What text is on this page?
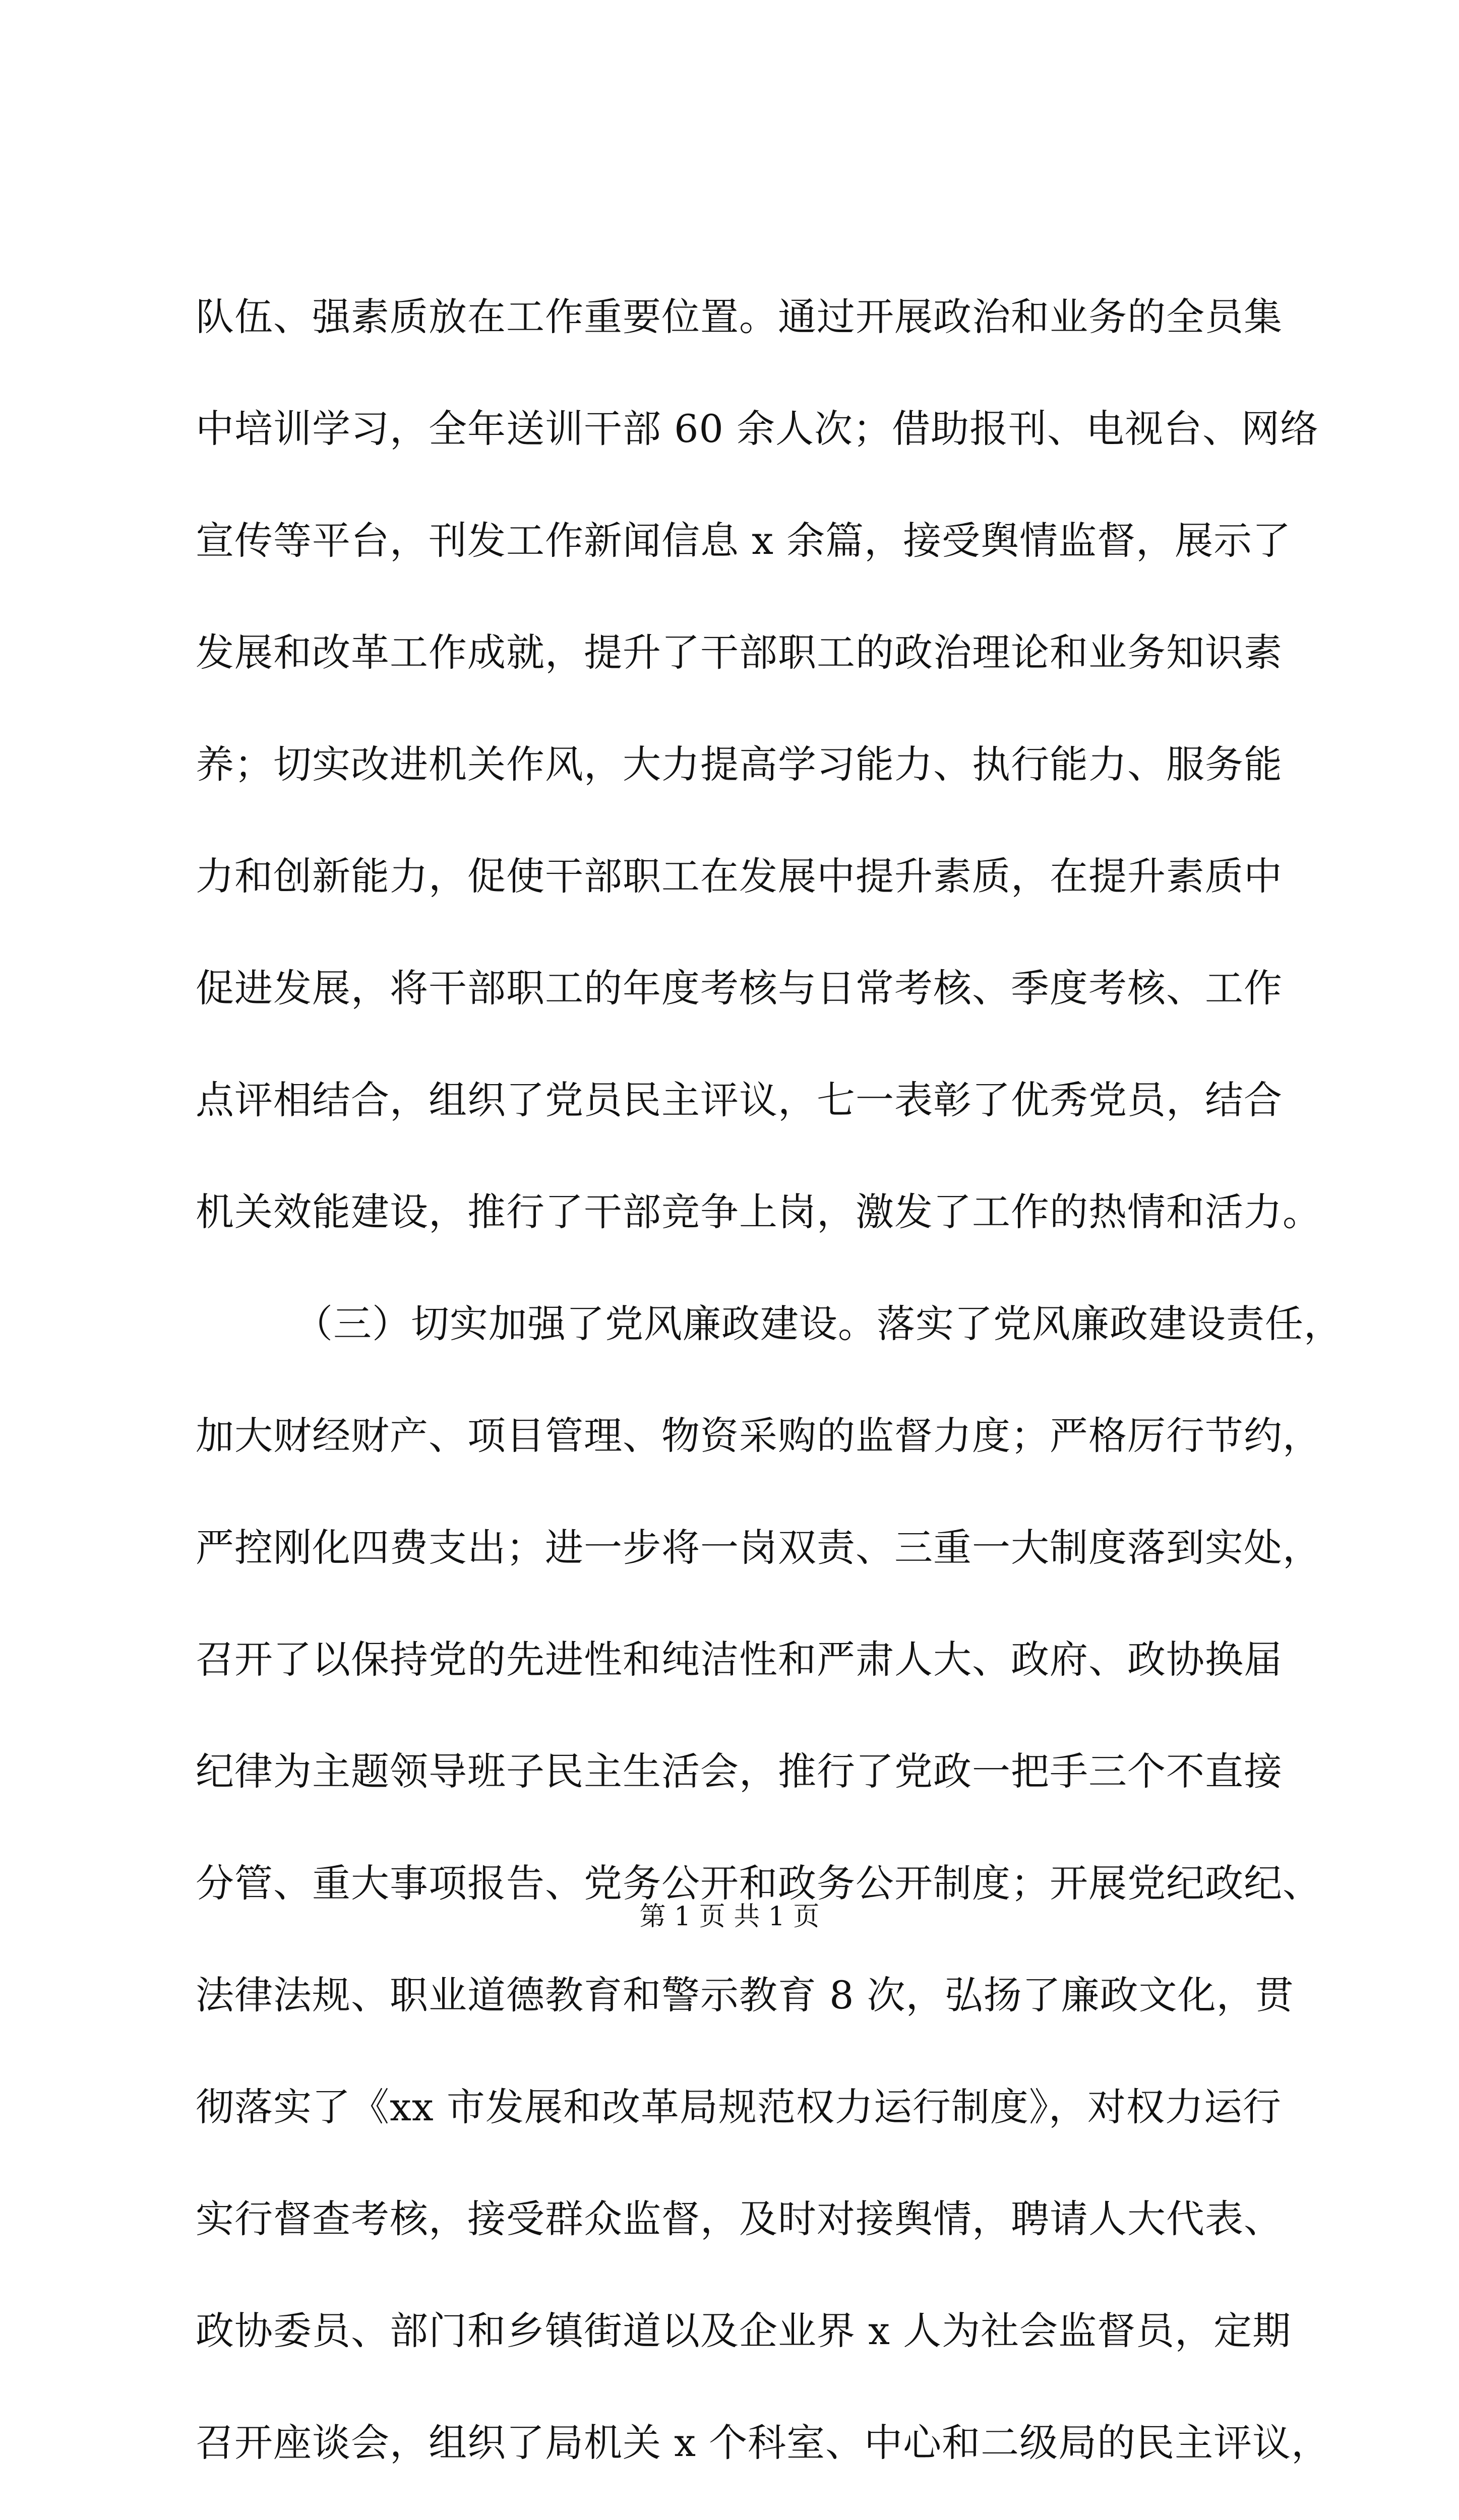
队伍、强素质放在工作重要位置。通过开展政治和业务的全员集
中培训学习，全年送训干部 60 余人次；借助报刊、电视台、网络
宣传等平台，刊发工作新闻信息 x 余篇，接受舆情监督，展示了
发展和改革工作成就，提升了干部职工的政治理论和业务知识素
养；切实改进机关作风，大力提高学习能力、执行能力、服务能
力和创新能力，促使干部职工在发展中提升素质，在提升素质中
促进发展，将干部职工的年度考核与日常考核、季度考核、工作
点评相结合，组织了党员民主评议，七一表彰了优秀党员，结合
机关效能建设，推行了干部竞争上岗，激发了工作的热情和活力。
（三）切实加强了党风廉政建设。落实了党风廉政建设责任，
加大财经财产、项目管理、物资采购的监督力度；严格厉行节约，
严控刚化四费支出；进一步将一岗双责、三重一大制度落到实处，
召开了以保持党的先进性和纯洁性和严肃人大、政府、政协换届
纪律为主题领导班子民主生活会，推行了党政一把手三个不直接
分管、重大事项报告、党务公开和政务公开制度；开展党纪政纪、
法律法规、职业道德教育和警示教育 8 次，弘扬了廉政文化，贯
彻落实了《xx 市发展和改革局规范权力运行制度》，对权力运行
实行督查考核，接受群众监督，及时对接舆情，聘请人大代表、
政协委员、部门和乡镇街道以及企业界 x 人为社会监督员，定期
召开座谈会，组织了局机关 x 个科室、中心和二级局的民主评议，
第 1 页 共 1 页
